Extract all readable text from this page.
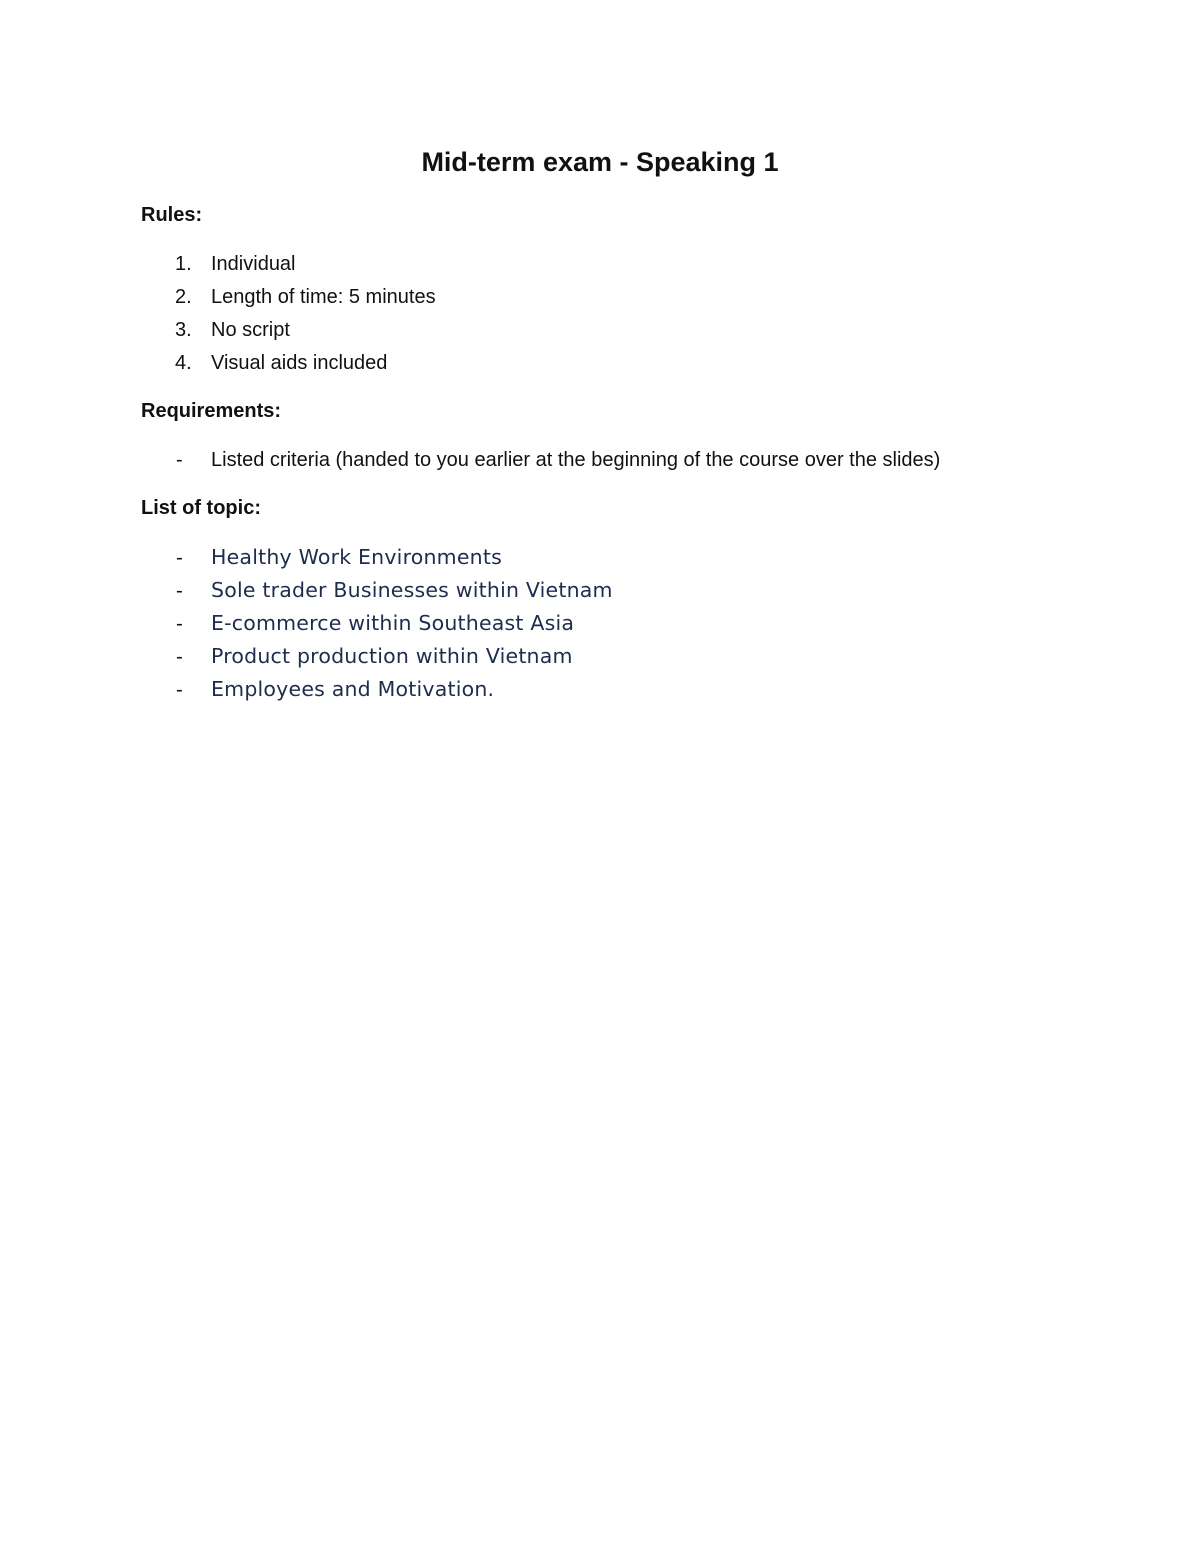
Mid-term exam - Speaking 1
Rules:
1. Individual
2. Length of time: 5 minutes
3. No script
4. Visual aids included
Requirements:
- Listed criteria (handed to you earlier at the beginning of the course over the slides)
List of topic:
- Healthy Work Environments
- Sole trader Businesses within Vietnam
- E-commerce within Southeast Asia
- Product production within Vietnam
- Employees and Motivation.
